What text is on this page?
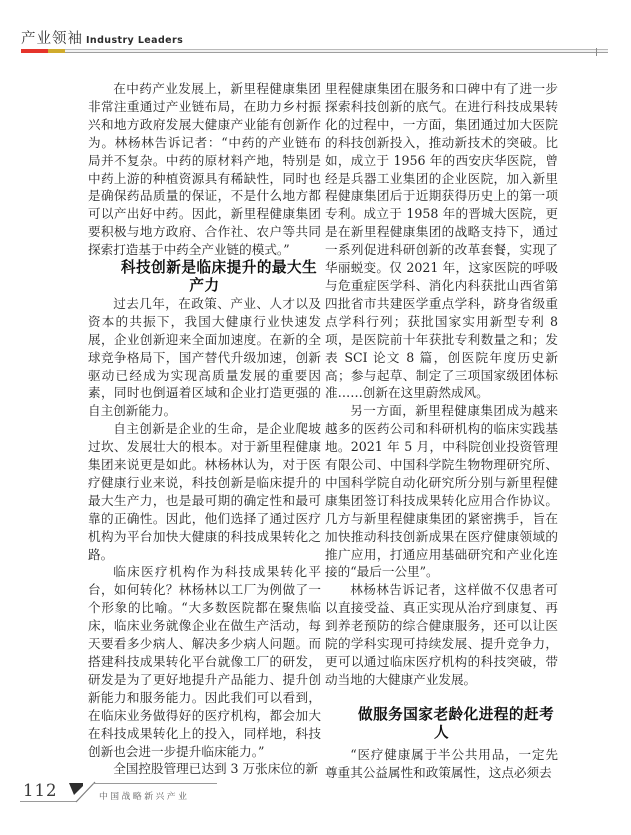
产业领袖 Industry Leaders

在中药产业发展上，新里程健康集团非常注重通过产业链布局，在助力乡村振兴和地方政府发展大健康产业能有创新作为。林杨林告诉记者：“中药的产业链布局并不复杂。中药的原材料产地，特别是中药上游的种植资源具有稀缺性，同时也是确保药品质量的保证，不是什么地方都可以产出好中药。因此，新里程健康集团要积极与地方政府、合作社、农户等共同探索打造基于中药全产业链的模式。”

科技创新是临床提升的最大生产力

过去几年，在政策、产业、人才以及资本的共振下，我国大健康行业快速发展，企业创新迎来全面加速度。在新的全球竞争格局下，国产替代升级加速，创新驱动已经成为实现高质量发展的重要因素，同时也倒逼着区域和企业打造更强的自主创新能力。

自主创新是企业的生命，是企业爬坡过坎、发展壮大的根本。对于新里程健康集团来说更是如此。林杨林认为，对于医疗健康行业来说，科技创新是临床提升的最大生产力，也是最可期的确定性和最可靠的正确性。因此，他们选择了通过医疗机构为平台加快大健康的科技成果转化之路。

临床医疗机构作为科技成果转化平台，如何转化？林杨林以工厂为例做了一个形象的比喻。“大多数医院都在聚焦临床，临床业务就像企业在做生产活动，每天要看多少病人、解决多少病人问题。而搭建科技成果转化平台就像工厂的研发，研发是为了更好地提升产品能力、提升创新能力和服务能力。因此我们可以看到，在临床业务做得好的医疗机构，都会加大在科技成果转化上的投入，同样地，科技创新也会进一步提升临床能力。”

全国控股管理已达到 3 万张床位的新

里程健康集团在服务和口碑中有了进一步探索科技创新的底气。在进行科技成果转化的过程中，一方面，集团通过加大医院的科技创新投入，推动新技术的突破。比如，成立于 1956 年的西安庆华医院，曾经是兵器工业集团的企业医院，加入新里程健康集团后于近期获得历史上的第一项专利。成立于 1958 年的晋城大医院，更是在新里程健康集团的战略支持下，通过一系列促进科研创新的改革套餐，实现了华丽蜕变。仅 2021 年，这家医院的呼吸与危重症医学科、消化内科获批山西省第四批省市共建医学重点学科，跻身省级重点学科行列；获批国家实用新型专利 8 项，是医院前十年获批专利数量之和；发表 SCI 论文 8 篇，创医院年度历史新高；参与起草、制定了三项国家级团体标准……创新在这里蔚然成风。

另一方面，新里程健康集团成为越来越多的医药公司和科研机构的临床实践基地。2021 年 5 月，中科院创业投资管理有限公司、中国科学院生物物理研究所、中国科学院自动化研究所分别与新里程健康集团签订科技成果转化应用合作协议。几方与新里程健康集团的紧密携手，旨在加快推动科技创新成果在医疗健康领域的推广应用，打通应用基础研究和产业化连接的“最后一公里”。

林杨林告诉记者，这样做不仅患者可以直接受益、真正实现从治疗到康复、再到养老预防的综合健康服务，还可以让医院的学科实现可持续发展、提升竞争力，更可以通过临床医疗机构的科技突破，带动当地的大健康产业发展。

做服务国家老龄化进程的赶考人

“医疗健康属于半公共用品，一定先尊重其公益属性和政策属性，这点必须去

112	中国战略新兴产业
